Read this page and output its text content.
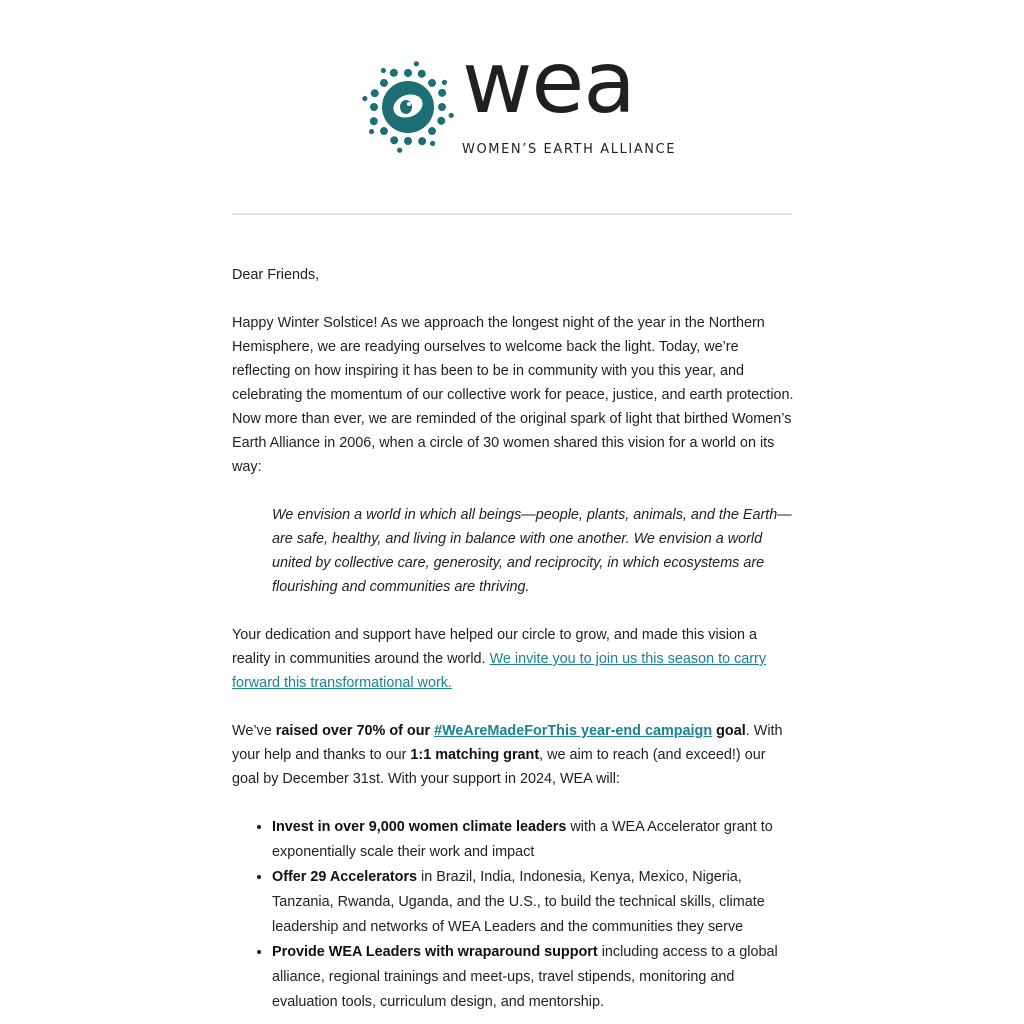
wea
WOMEN’S EARTH ALLIANCE

Dear Friends,

Happy Winter Solstice! As we approach the longest night of the year in the Northern Hemisphere, we are readying ourselves to welcome back the light. Today, we’re reflecting on how inspiring it has been to be in community with you this year, and celebrating the momentum of our collective work for peace, justice, and earth protection. Now more than ever, we are reminded of the original spark of light that birthed Women’s Earth Alliance in 2006, when a circle of 30 women shared this vision for a world on its way:

We envision a world in which all beings—people, plants, animals, and the Earth—are safe, healthy, and living in balance with one another. We envision a world united by collective care, generosity, and reciprocity, in which ecosystems are flourishing and communities are thriving.

Your dedication and support have helped our circle to grow, and made this vision a reality in communities around the world. We invite you to join us this season to carry forward this transformational work.

We’ve raised over 70% of our #WeAreMadeForThis year-end campaign goal. With your help and thanks to our 1:1 matching grant, we aim to reach (and exceed!) our goal by December 31st. With your support in 2024, WEA will:

• Invest in over 9,000 women climate leaders with a WEA Accelerator grant to exponentially scale their work and impact
• Offer 29 Accelerators in Brazil, India, Indonesia, Kenya, Mexico, Nigeria, Tanzania, Rwanda, Uganda, and the U.S., to build the technical skills, climate leadership and networks of WEA Leaders and the communities they serve
• Provide WEA Leaders with wraparound support including access to a global alliance, regional trainings and meet-ups, travel stipends, monitoring and evaluation tools, curriculum design, and mentorship.
